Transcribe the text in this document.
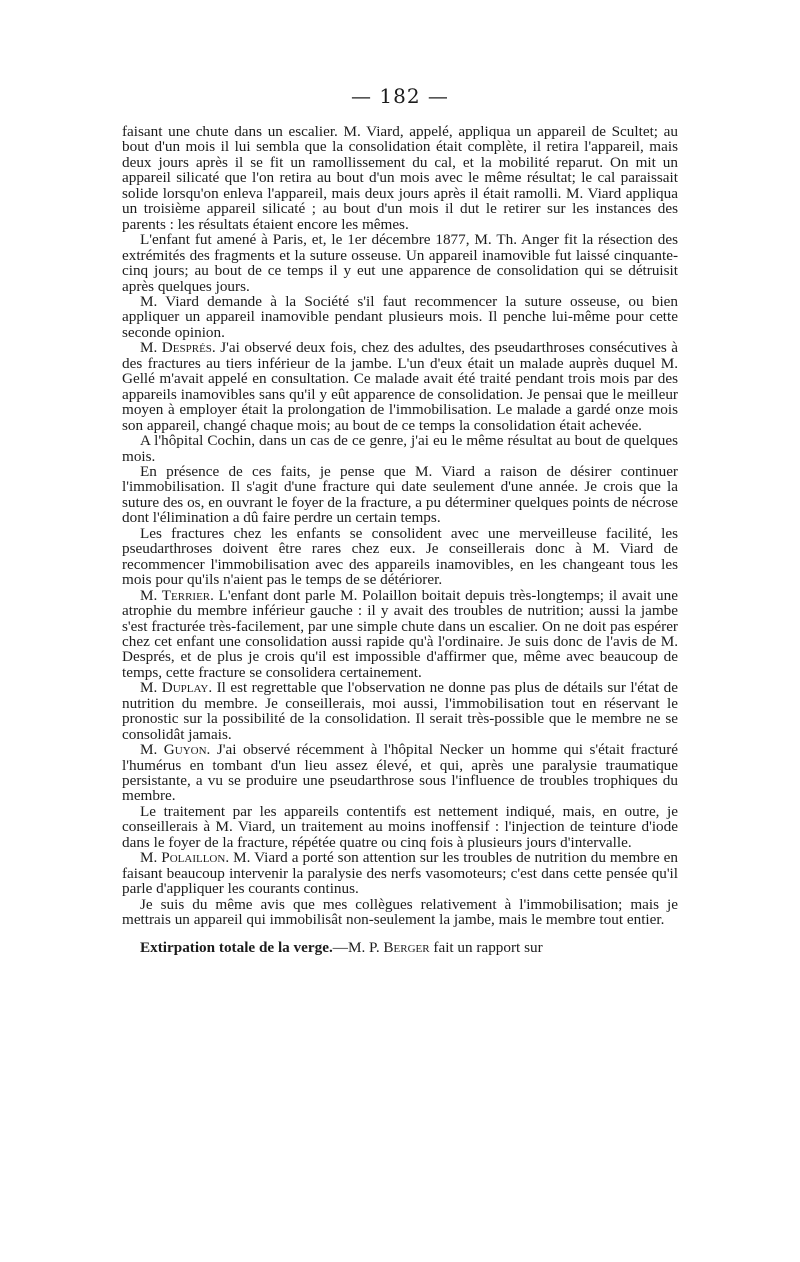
— 182 —

faisant une chute dans un escalier. M. Viard, appelé, appliqua un appareil de Scultet; au bout d'un mois il lui sembla que la consolidation était complète, il retira l'appareil, mais deux jours après il se fit un ramollissement du cal, et la mobilité reparut. On mit un appareil silicaté que l'on retira au bout d'un mois avec le même résultat; le cal paraissait solide lorsqu'on enleva l'appareil, mais deux jours après il était ramolli. M. Viard appliqua un troisième appareil silicaté ; au bout d'un mois il dut le retirer sur les instances des parents : les résultats étaient encore les mêmes.

L'enfant fut amené à Paris, et, le 1er décembre 1877, M. Th. Anger fit la résection des extrémités des fragments et la suture osseuse. Un appareil inamovible fut laissé cinquante-cinq jours; au bout de ce temps il y eut une apparence de consolidation qui se détruisit après quelques jours.

M. Viard demande à la Société s'il faut recommencer la suture osseuse, ou bien appliquer un appareil inamovible pendant plusieurs mois. Il penche lui-même pour cette seconde opinion.

M. Després. J'ai observé deux fois, chez des adultes, des pseudarthroses consécutives à des fractures au tiers inférieur de la jambe. L'un d'eux était un malade auprès duquel M. Gellé m'avait appelé en consultation. Ce malade avait été traité pendant trois mois par des appareils inamovibles sans qu'il y eût apparence de consolidation. Je pensai que le meilleur moyen à employer était la prolongation de l'immobilisation. Le malade a gardé onze mois son appareil, changé chaque mois; au bout de ce temps la consolidation était achevée.

A l'hôpital Cochin, dans un cas de ce genre, j'ai eu le même résultat au bout de quelques mois.

En présence de ces faits, je pense que M. Viard a raison de désirer continuer l'immobilisation. Il s'agit d'une fracture qui date seulement d'une année. Je crois que la suture des os, en ouvrant le foyer de la fracture, a pu déterminer quelques points de nécrose dont l'élimination a dû faire perdre un certain temps.

Les fractures chez les enfants se consolident avec une merveilleuse facilité, les pseudarthroses doivent être rares chez eux. Je conseillerais donc à M. Viard de recommencer l'immobilisation avec des appareils inamovibles, en les changeant tous les mois pour qu'ils n'aient pas le temps de se détériorer.

M. Terrier. L'enfant dont parle M. Polaillon boitait depuis très-longtemps; il avait une atrophie du membre inférieur gauche : il y avait des troubles de nutrition; aussi la jambe s'est fracturée très-facilement, par une simple chute dans un escalier. On ne doit pas espérer chez cet enfant une consolidation aussi rapide qu'à l'ordinaire. Je suis donc de l'avis de M. Després, et de plus je crois qu'il est impossible d'affirmer que, même avec beaucoup de temps, cette fracture se consolidera certainement.

M. Duplay. Il est regrettable que l'observation ne donne pas plus de détails sur l'état de nutrition du membre. Je conseillerais, moi aussi, l'immobilisation tout en réservant le pronostic sur la possibilité de la consolidation. Il serait très-possible que le membre ne se consolidât jamais.

M. Guyon. J'ai observé récemment à l'hôpital Necker un homme qui s'était fracturé l'humérus en tombant d'un lieu assez élevé, et qui, après une paralysie traumatique persistante, a vu se produire une pseudarthrose sous l'influence de troubles trophiques du membre.

Le traitement par les appareils contentifs est nettement indiqué, mais, en outre, je conseillerais à M. Viard, un traitement au moins inoffensif : l'injection de teinture d'iode dans le foyer de la fracture, répétée quatre ou cinq fois à plusieurs jours d'intervalle.

M. Polaillon. M. Viard a porté son attention sur les troubles de nutrition du membre en faisant beaucoup intervenir la paralysie des nerfs vasomoteurs; c'est dans cette pensée qu'il parle d'appliquer les courants continus.

Je suis du même avis que mes collègues relativement à l'immobilisation; mais je mettrais un appareil qui immobilisât non-seulement la jambe, mais le membre tout entier.

Extirpation totale de la verge.—M. P. Berger fait un rapport sur
